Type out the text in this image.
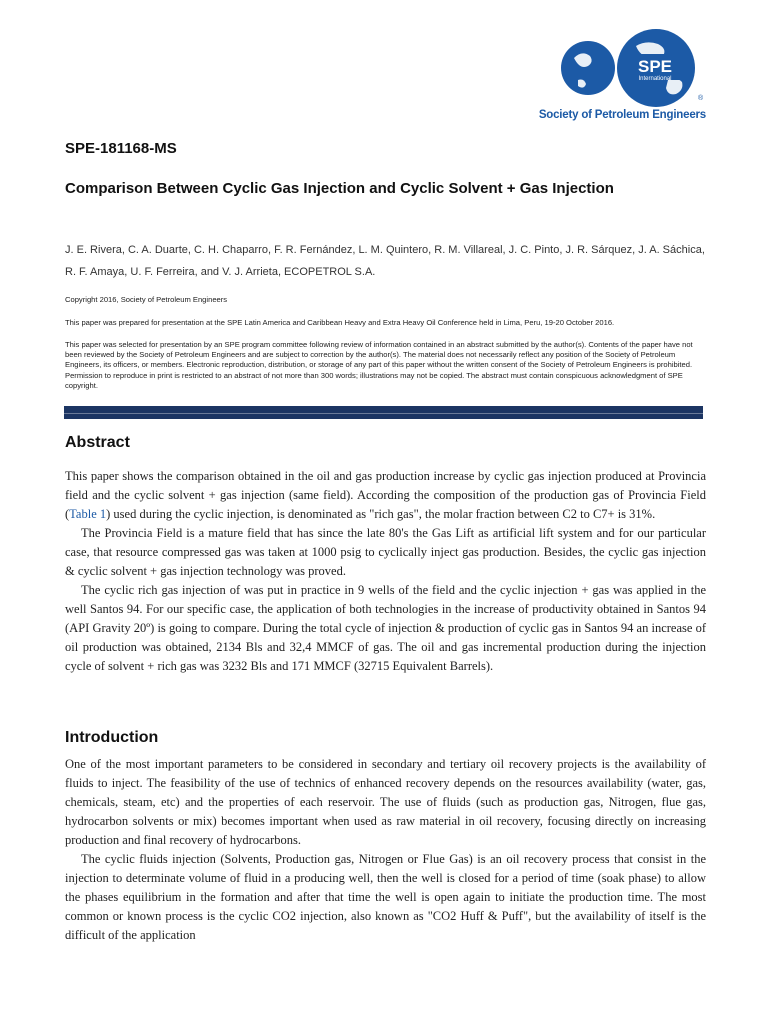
SPE
International
®
Society of Petroleum Engineers
SPE-181168-MS
Comparison Between Cyclic Gas Injection and Cyclic Solvent + Gas Injection
J. E. Rivera, C. A. Duarte, C. H. Chaparro, F. R. Fernández, L. M. Quintero, R. M. Villareal, J. C. Pinto, J. R. Sárquez, J. A. Sáchica, R. F. Amaya, U. F. Ferreira, and V. J. Arrieta, ECOPETROL S.A.
Copyright 2016, Society of Petroleum Engineers
This paper was prepared for presentation at the SPE Latin America and Caribbean Heavy and Extra Heavy Oil Conference held in Lima, Peru, 19-20 October 2016.
This paper was selected for presentation by an SPE program committee following review of information contained in an abstract submitted by the author(s). Contents of the paper have not been reviewed by the Society of Petroleum Engineers and are subject to correction by the author(s). The material does not necessarily reflect any position of the Society of Petroleum Engineers, its officers, or members. Electronic reproduction, distribution, or storage of any part of this paper without the written consent of the Society of Petroleum Engineers is prohibited. Permission to reproduce in print is restricted to an abstract of not more than 300 words; illustrations may not be copied. The abstract must contain conspicuous acknowledgment of SPE copyright.
Abstract

This paper shows the comparison obtained in the oil and gas production increase by cyclic gas injection produced at Provincia field and the cyclic solvent + gas injection (same field). According the composition of the production gas of Provincia Field (Table 1) used during the cyclic injection, is denominated as "rich gas", the molar fraction between C2 to C7+ is 31%.

The Provincia Field is a mature field that has since the late 80's the Gas Lift as artificial lift system and for our particular case, that resource compressed gas was taken at 1000 psig to cyclically inject gas production. Besides, the cyclic gas injection & cyclic solvent + gas injection technology was proved.

The cyclic rich gas injection of was put in practice in 9 wells of the field and the cyclic injection + gas was applied in the well Santos 94. For our specific case, the application of both technologies in the increase of productivity obtained in Santos 94 (API Gravity 20º) is going to compare. During the total cycle of injection & production of cyclic gas in Santos 94 an increase of oil production was obtained, 2134 Bls and 32,4 MMCF of gas. The oil and gas incremental production during the injection cycle of solvent + rich gas was 3232 Bls and 171 MMCF (32715 Equivalent Barrels).

Introduction

One of the most important parameters to be considered in secondary and tertiary oil recovery projects is the availability of fluids to inject. The feasibility of the use of technics of enhanced recovery depends on the resources availability (water, gas, chemicals, steam, etc) and the properties of each reservoir. The use of fluids (such as production gas, Nitrogen, flue gas, hydrocarbon solvents or mix) becomes important when used as raw material in oil recovery, focusing directly on increasing production and final recovery of hydrocarbons.

The cyclic fluids injection (Solvents, Production gas, Nitrogen or Flue Gas) is an oil recovery process that consist in the injection to determinate volume of fluid in a producing well, then the well is closed for a period of time (soak phase) to allow the phases equilibrium in the formation and after that time the well is open again to initiate the production time. The most common or known process is the cyclic CO2 injection, also known as "CO2 Huff & Puff", but the availability of itself is the difficult of the application
